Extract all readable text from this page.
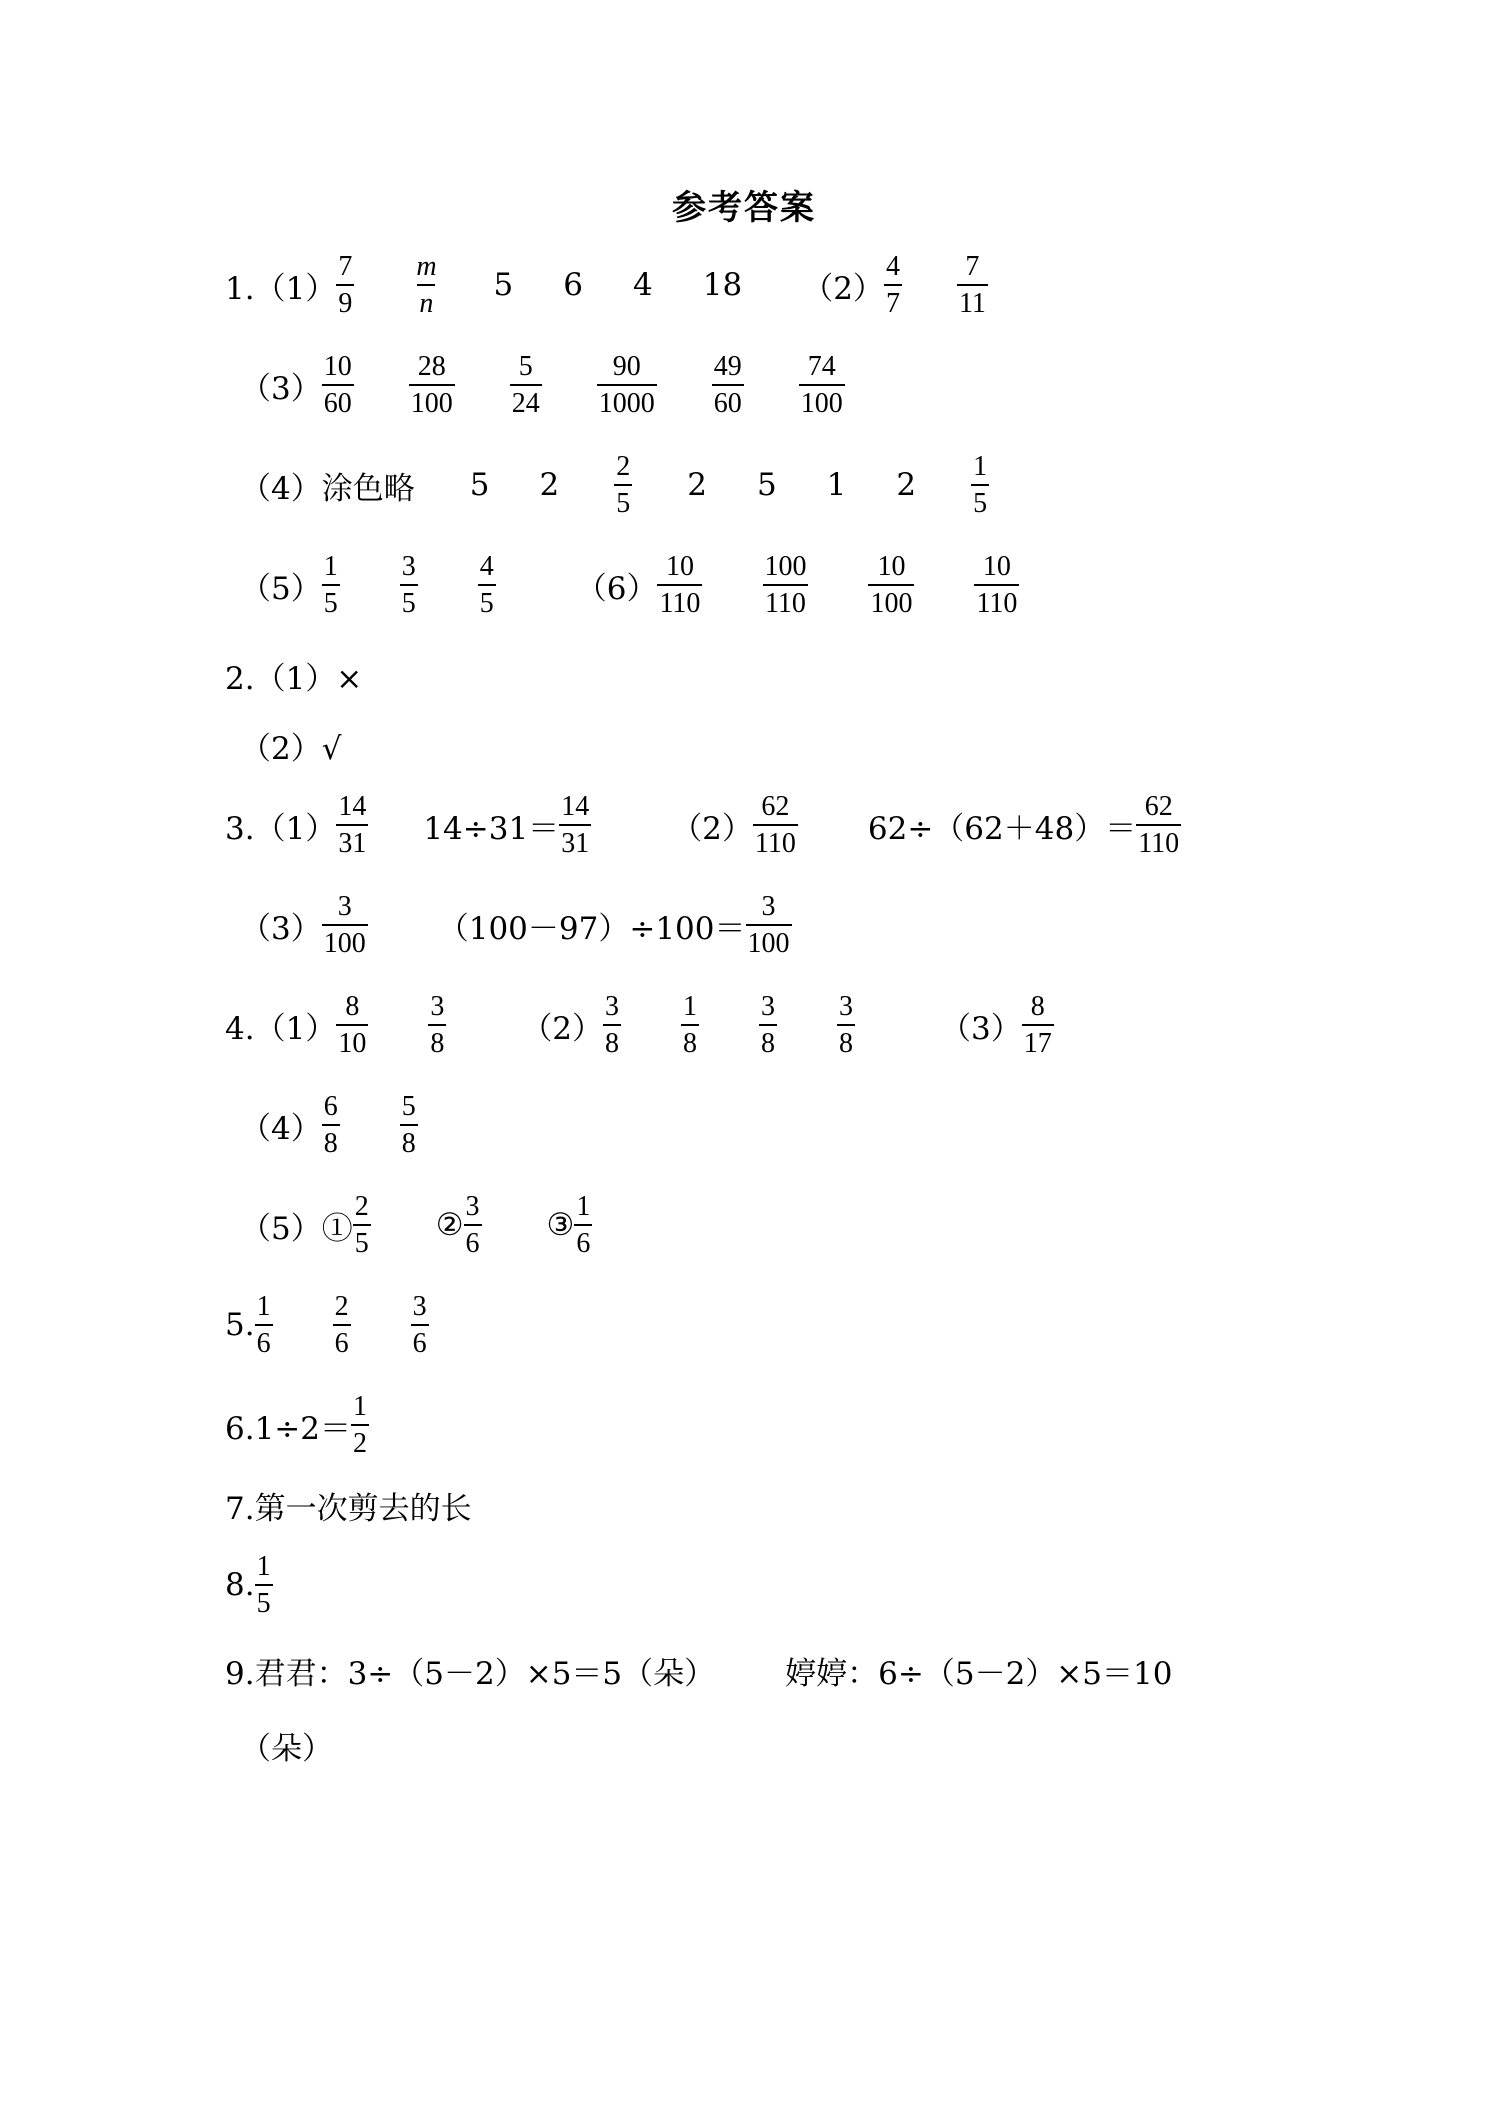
参考答案
$1.(1) \frac{7}{9} \frac{m}{n} 5$ 6 4 18 $(2) \frac{4}{7} \frac{7}{11}$
$(3) \frac{10}{60} \frac{28}{100} \frac{5}{24} \frac{90}{1000} \frac{49}{60} \frac{74}{100}$
（4）涂色略 5 $2 \frac{2}{5} 2$ 5 1 $2 \frac{1}{5}$
$(5) \frac{1}{5} \frac{3}{5} \frac{4}{5}$	$(6) \frac{10}{110} \frac{100}{110} \frac{10}{100} \frac{10}{110}$
2.（1）×
（2）√
$3.(1) \frac{14}{31} 14\div 31= \frac{14}{31}$	$(2) \frac{62}{110} 62\div(62+48)= \frac{62}{110}$
$(3) \frac{3}{100} (100-97)\div 100= \frac{3}{100}$
$4.(1) \frac{8}{10} \frac{3}{8} (2) \frac{3}{8} \frac{1}{8} \frac{3}{8} \frac{3}{8}$	$(3) \frac{8}{17}$
$(4) \frac{6}{8} \frac{5}{8}$
（5）① $\frac{2}{5}$ ② $\frac{3}{6}$ ③ $\frac{1}{6}$
5. $\frac{1}{6} \frac{2}{6} \frac{3}{6}$
$6.1\div 2= \frac{1}{2}$
7.第一次剪去的长
8. $\frac{1}{5}$
9.君君：3÷（5－2）×5＝5（朵） 婷婷：6÷（5－2）×5＝10
（朵）
